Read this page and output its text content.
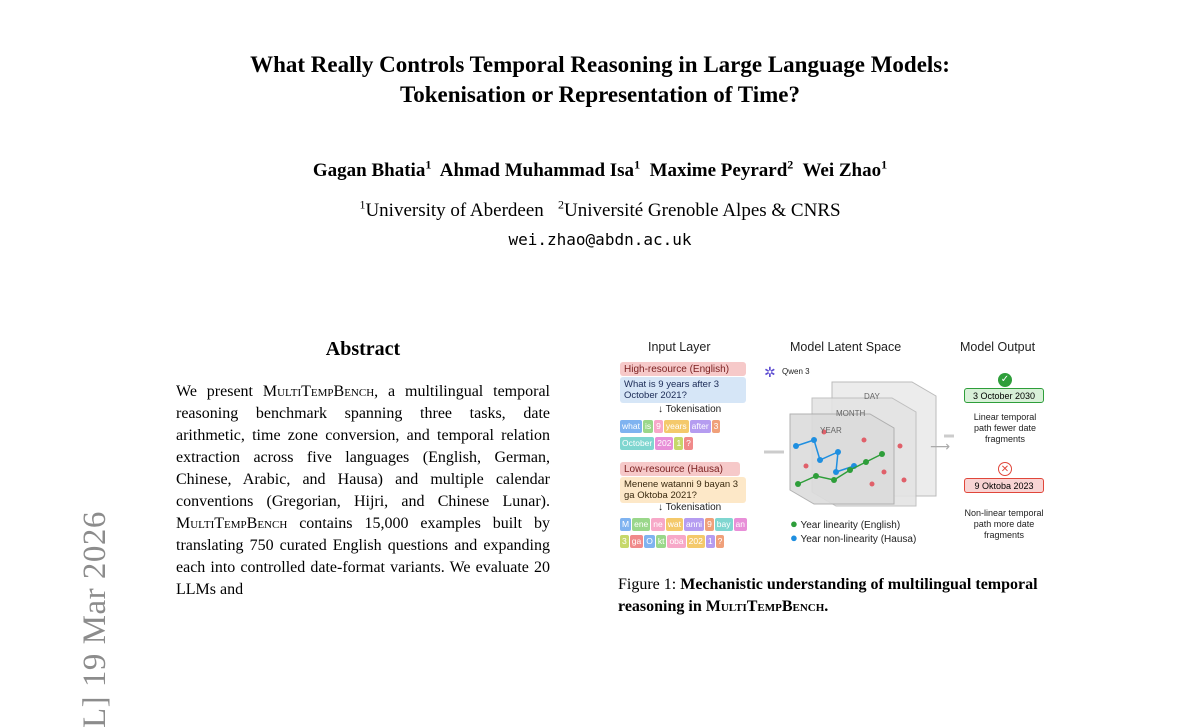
What Really Controls Temporal Reasoning in Large Language Models:
Tokenisation or Representation of Time?
Gagan Bhatia$^1$ Ahmad Muhammad Isa$^1$ Maxime Peyrard$^2$ Wei Zhao$^1$
$^1$University of Aberdeen $^2$Université Grenoble Alpes & CNRS
wei.zhao@abdn.ac.uk
L] 19 Mar 2026
Abstract

We present MultiTempBench, a multilingual temporal reasoning benchmark spanning three tasks, date arithmetic, time zone conversion, and temporal relation extraction across five languages (English, German, Chinese, Arabic, and Hausa) and multiple calendar conventions (Gregorian, Hijri, and Chinese Lunar). MultiTempBench contains 15,000 examples built by translating 750 curated English questions and expanding each into controlled date-format variants. We evaluate 20 LLMs and

Input Layer	Model Latent Space	Model Output
High-resource (English)
What is 9 years after 3 October 2021?
↓ Tokenisation
what is 9 years after 3October 202 1 ?
Low-resource (Hausa)
Menene watanni 9 bayan 3 ga Oktoba 2021?
↓ Tokenisation
M ene ne wat anni 9 bay an3 ga O kt oba 202 1 ?
✲ Qwen 3
DAY
MONTH
YEAR
● Year linearity (English)
● Year non-linearity (Hausa)
⟶
✓
3 October 2030
Linear temporal path fewer date fragments
✕
9 Oktoba 2023
Non-linear temporal path more date fragments
Figure 1: Mechanistic understanding of multilingual temporal reasoning in MultiTempBench.
